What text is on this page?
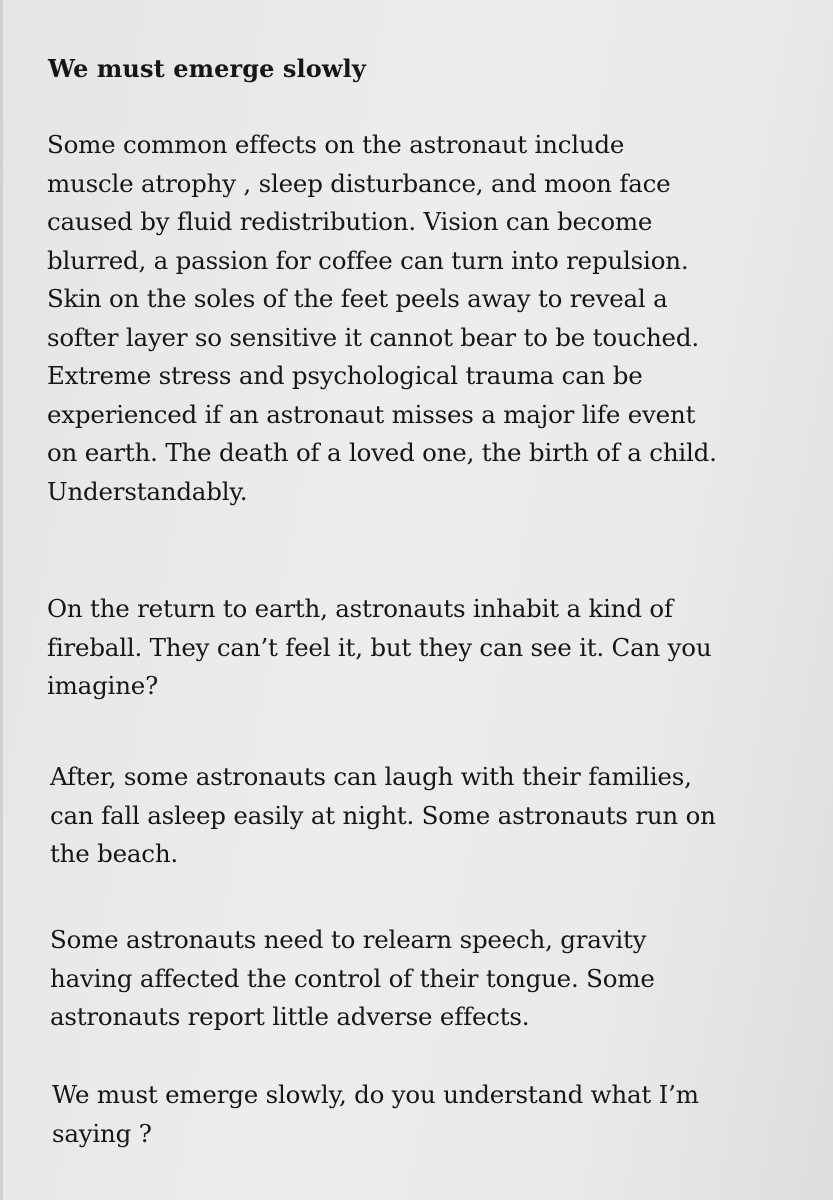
We must emerge slowly

Some common effects on the astronaut include
muscle atrophy , sleep disturbance, and moon face
caused by fluid redistribution. Vision can become
blurred, a passion for coffee can turn into repulsion.
Skin on the soles of the feet peels away to reveal a
softer layer so sensitive it cannot bear to be touched.
Extreme stress and psychological trauma can be
experienced if an astronaut misses a major life event
on earth. The death of a loved one, the birth of a child.
Understandably.

On the return to earth, astronauts inhabit a kind of
fireball. They can’t feel it, but they can see it. Can you
imagine?

After, some astronauts can laugh with their families,
can fall asleep easily at night. Some astronauts run on
the beach.

Some astronauts need to relearn speech, gravity
having affected the control of their tongue. Some
astronauts report little adverse effects.

We must emerge slowly, do you understand what I’m
saying ?
